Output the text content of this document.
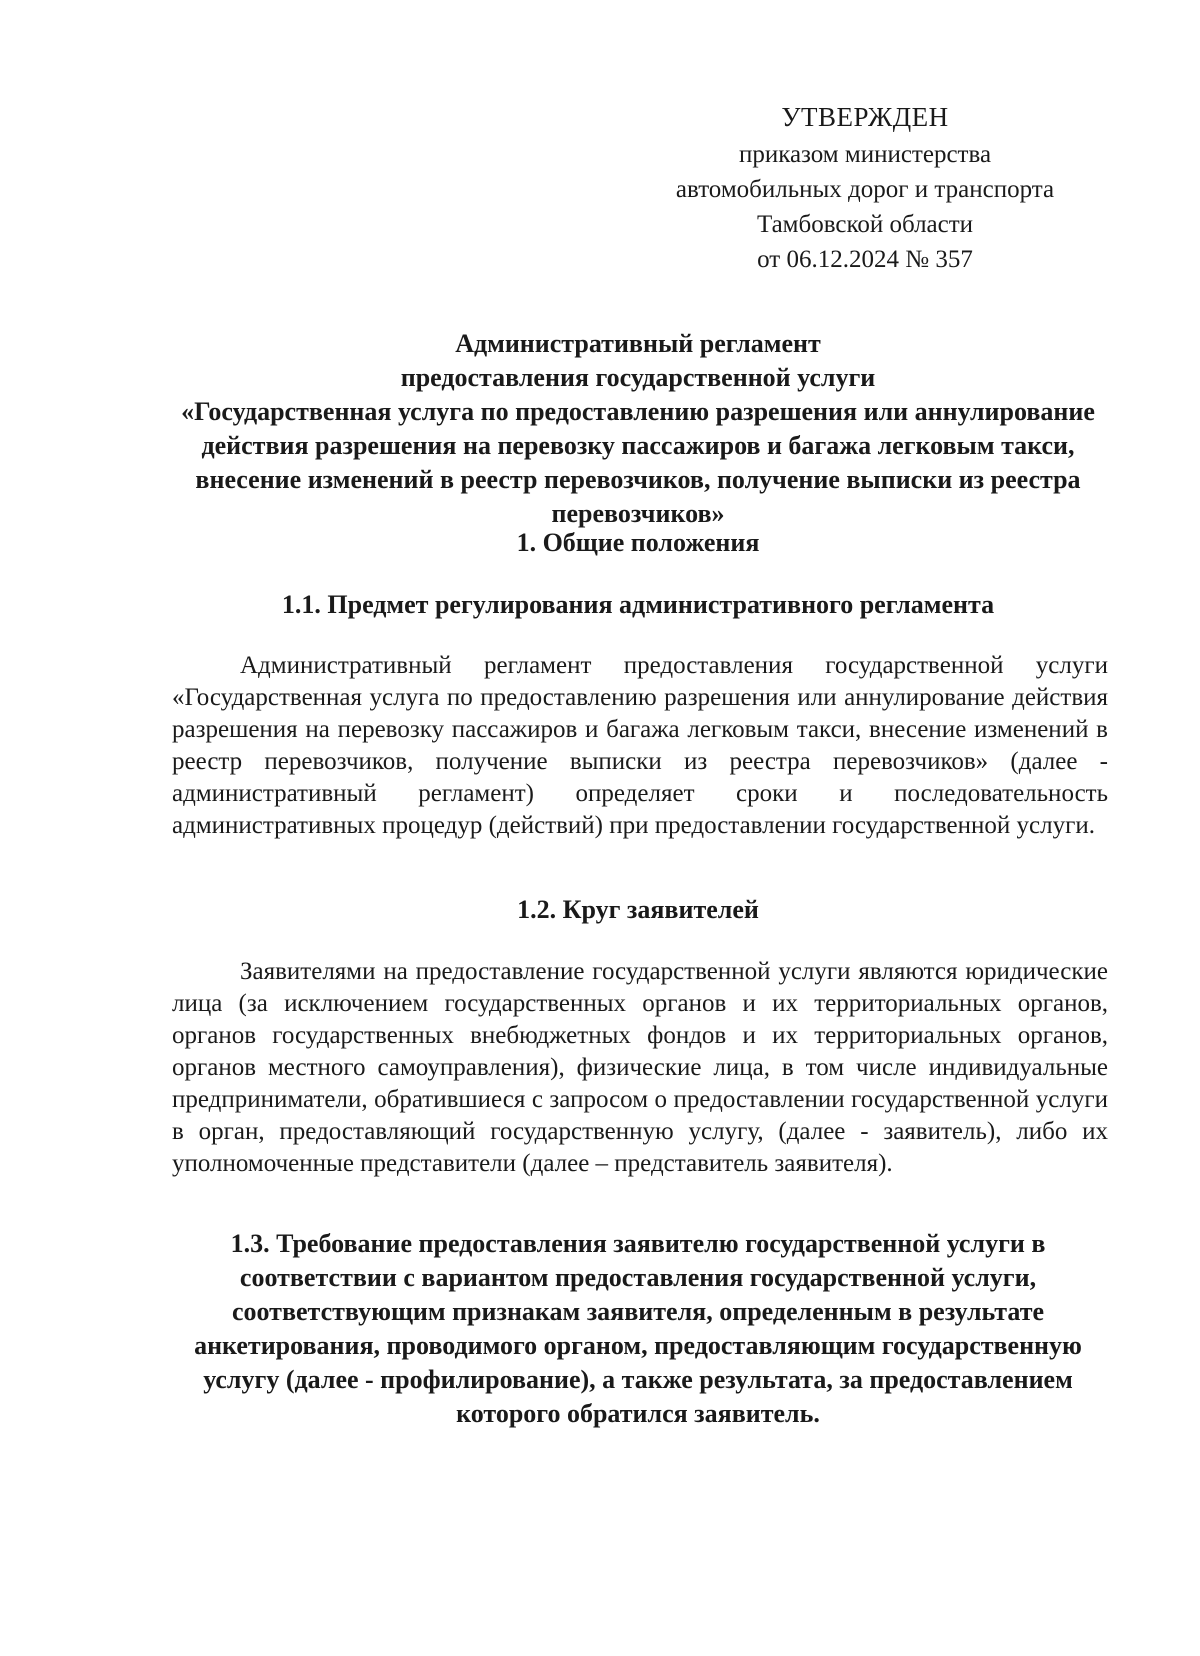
УТВЕРЖДЕН
приказом министерства
автомобильных дорог и транспорта
Тамбовской области
от 06.12.2024 № 357
Административный регламент
предоставления государственной услуги
«Государственная услуга по предоставлению разрешения или аннулирование действия разрешения на перевозку пассажиров и багажа легковым такси, внесение изменений в реестр перевозчиков, получение выписки из реестра перевозчиков»
1. Общие положения
1.1. Предмет регулирования административного регламента
Административный регламент предоставления государственной услуги «Государственная услуга по предоставлению разрешения или аннулирование действия разрешения на перевозку пассажиров и багажа легковым такси, внесение изменений в реестр перевозчиков, получение выписки из реестра перевозчиков» (далее - административный регламент) определяет сроки и последовательность административных процедур (действий) при предоставлении государственной услуги.
1.2. Круг заявителей
Заявителями на предоставление государственной услуги являются юридические лица (за исключением государственных органов и их территориальных органов, органов государственных внебюджетных фондов и их территориальных органов, органов местного самоуправления), физические лица, в том числе индивидуальные предприниматели, обратившиеся с запросом о предоставлении государственной услуги в орган, предоставляющий государственную услугу, (далее - заявитель), либо их уполномоченные представители (далее – представитель заявителя).
1.3. Требование предоставления заявителю государственной услуги в соответствии с вариантом предоставления государственной услуги, соответствующим признакам заявителя, определенным в результате анкетирования, проводимого органом, предоставляющим государственную услугу (далее - профилирование), а также результата, за предоставлением которого обратился заявитель.
